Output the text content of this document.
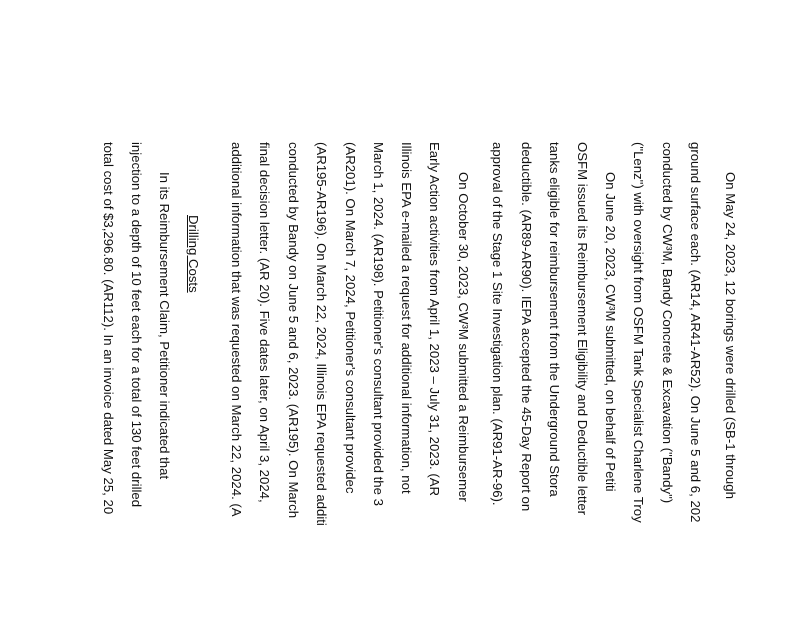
On May 24, 2023, 12 borings were drilled (SB-1 through
ground surface each. (AR14, AR41-AR52). On June 5 and 6, 202
conducted by CW³M, Bandy Concrete & Excavation ("Bandy")
("Lenz") with oversight from OSFM Tank Specialist Charlene Troy
On June 20, 2023, CW³M submitted, on behalf of Petiti
OSFM issued its Reimbursement Eligibility and Deductible letter
tanks eligible for reimbursement from the Underground Stora
deductible. (AR89-AR90). IEPA accepted the 45-Day Report on
approval of the Stage 1 Site Investigation plan. (AR91-AR-96).
On October 30, 2023, CW³M submitted a Reimbursemer
Early Action activities from April 1, 2023 – July 31, 2023. (AR
Illinois EPA e-mailed a request for additional information, not
March 1, 2024. (AR198). Petitioner's consultant provided the 3
(AR201). On March 7, 2024, Petitioner's consultant providec
(AR195-AR196). On March 22, 2024, Illinois EPA requested additi
conducted by Bandy on June 5 and 6, 2023. (AR195). On March
final decision letter. (AR 20). Five dates later, on April 3, 2024,
additional information that was requested on March 22, 2024. (A
Drilling Costs
In its Reimbursement Claim, Petitioner indicated that
injection to a depth of 10 feet each for a total of 130 feet drilled
total cost of $3,296.80. (AR112). In an invoice dated May 25, 20
